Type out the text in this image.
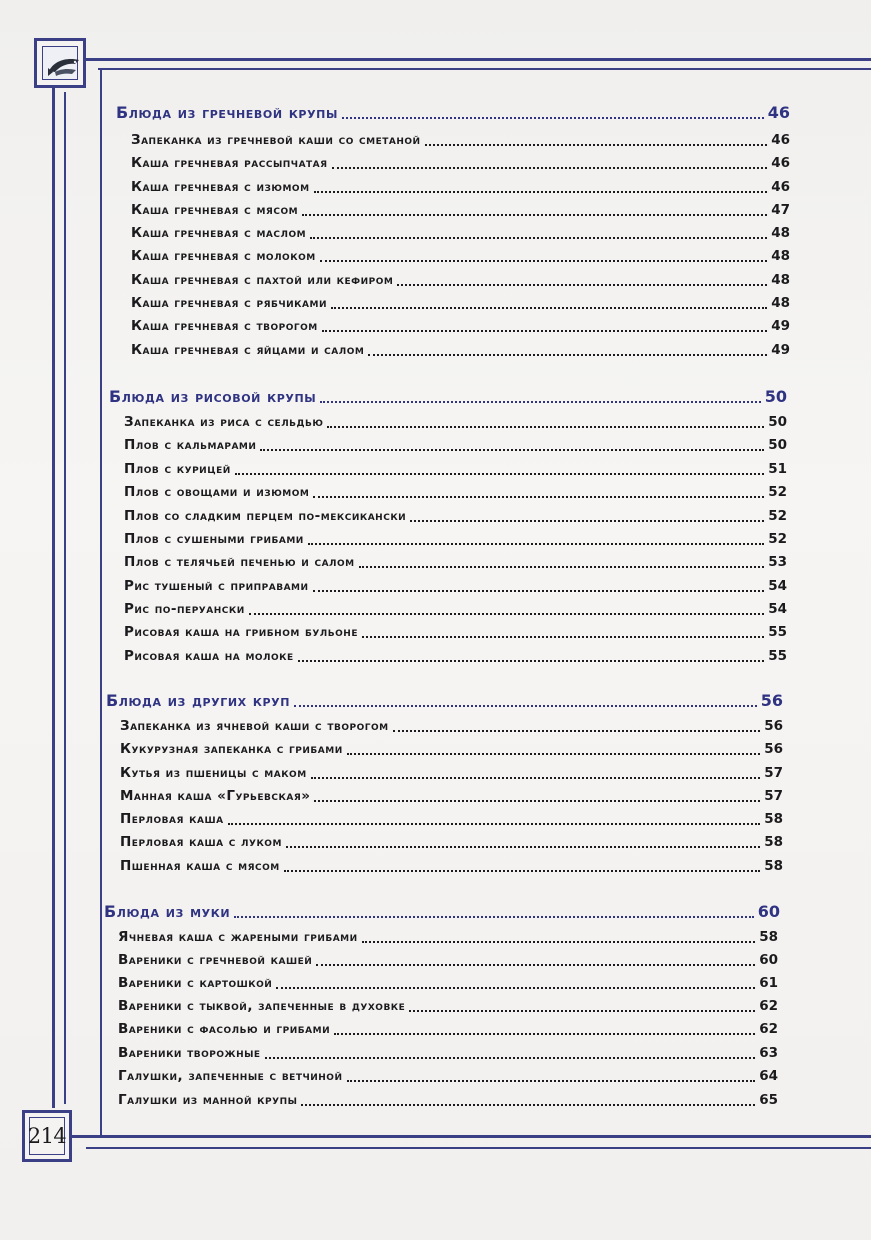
214
Блюда из гречневой крупы	46
Запеканка из гречневой каши со сметаной	46
Каша гречневая рассыпчатая	46
Каша гречневая с изюмом	46
Каша гречневая с мясом	47
Каша гречневая с маслом	48
Каша гречневая с молоком	48
Каша гречневая с пахтой или кефиром	48
Каша гречневая с рябчиками	48
Каша гречневая с творогом	49
Каша гречневая с яйцами и салом	49
Блюда из рисовой крупы	50
Запеканка из риса с сельдью	50
Плов с кальмарами	50
Плов с курицей	51
Плов с овощами и изюмом	52
Плов со сладким перцем по-мексикански	52
Плов с сушеными грибами	52
Плов с телячьей печенью и салом	53
Рис тушеный с приправами	54
Рис по-перуански	54
Рисовая каша на грибном бульоне	55
Рисовая каша на молоке	55
Блюда из других круп	56
Запеканка из ячневой каши с творогом	56
Кукурузная запеканка с грибами	56
Кутья из пшеницы с маком	57
Манная каша «Гурьевская»	57
Перловая каша	58
Перловая каша с луком	58
Пшенная каша с мясом	58
Блюда из муки	60
Ячневая каша с жареными грибами	58
Вареники с гречневой кашей	60
Вареники с картошкой	61
Вареники с тыквой, запеченные в духовке	62
Вареники с фасолью и грибами	62
Вареники творожные	63
Галушки, запеченные с ветчиной	64
Галушки из манной крупы	65
